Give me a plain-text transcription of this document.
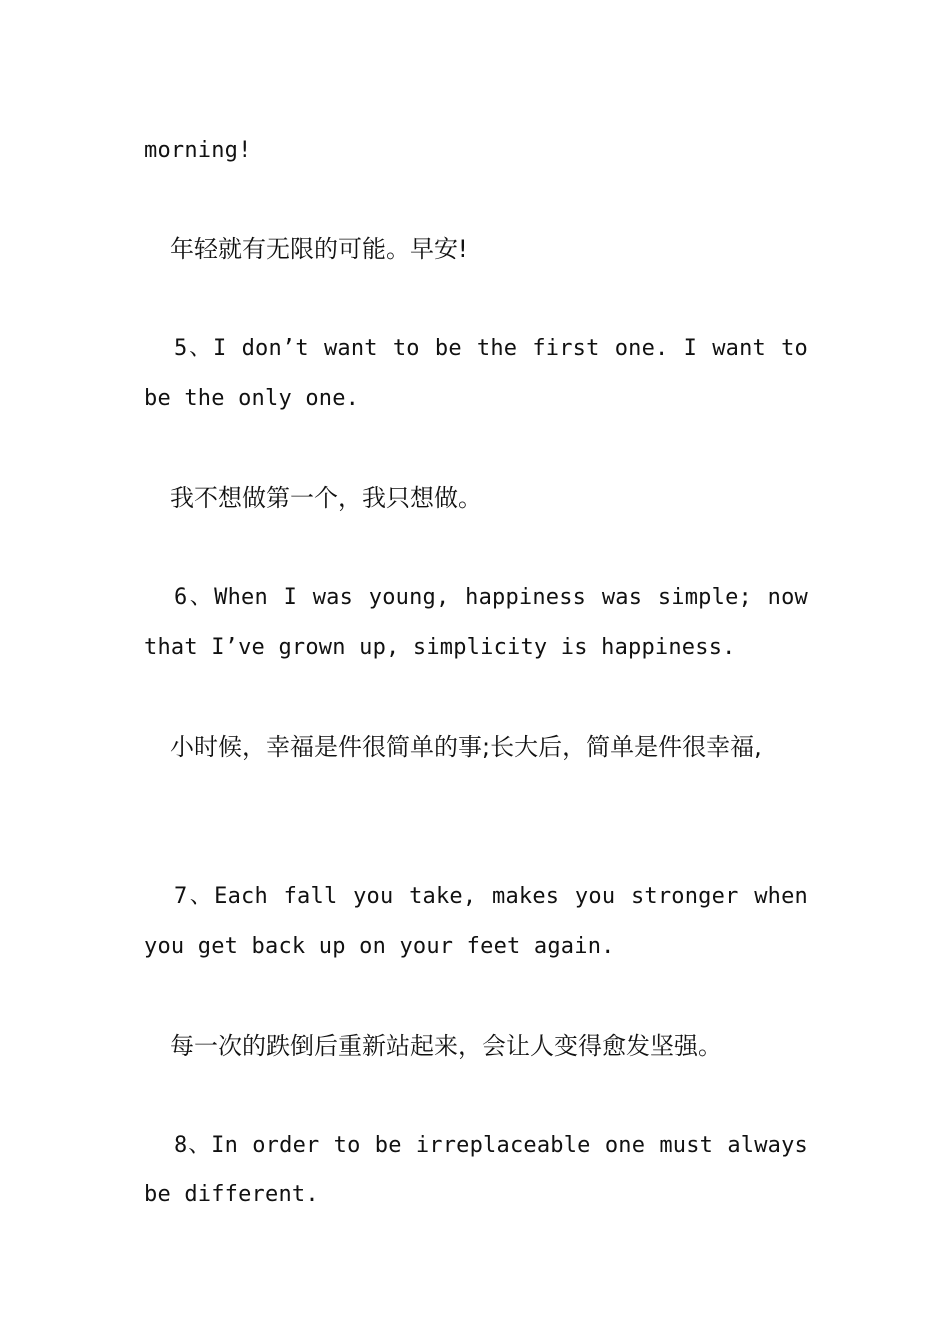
morning!
年轻就有无限的可能。早安!
5、I don’t want to be the first one. I want to
be the only one.
我不想做第一个，我只想做。
6、When I was young, happiness was simple; now
that I’ve grown up, simplicity is happiness.
小时候，幸福是件很简单的事;长大后，简单是件很幸福,
7、Each fall you take, makes you stronger when
you get back up on your feet again.
每一次的跌倒后重新站起来，会让人变得愈发坚强。
8、In order to be irreplaceable one must always
be different.
